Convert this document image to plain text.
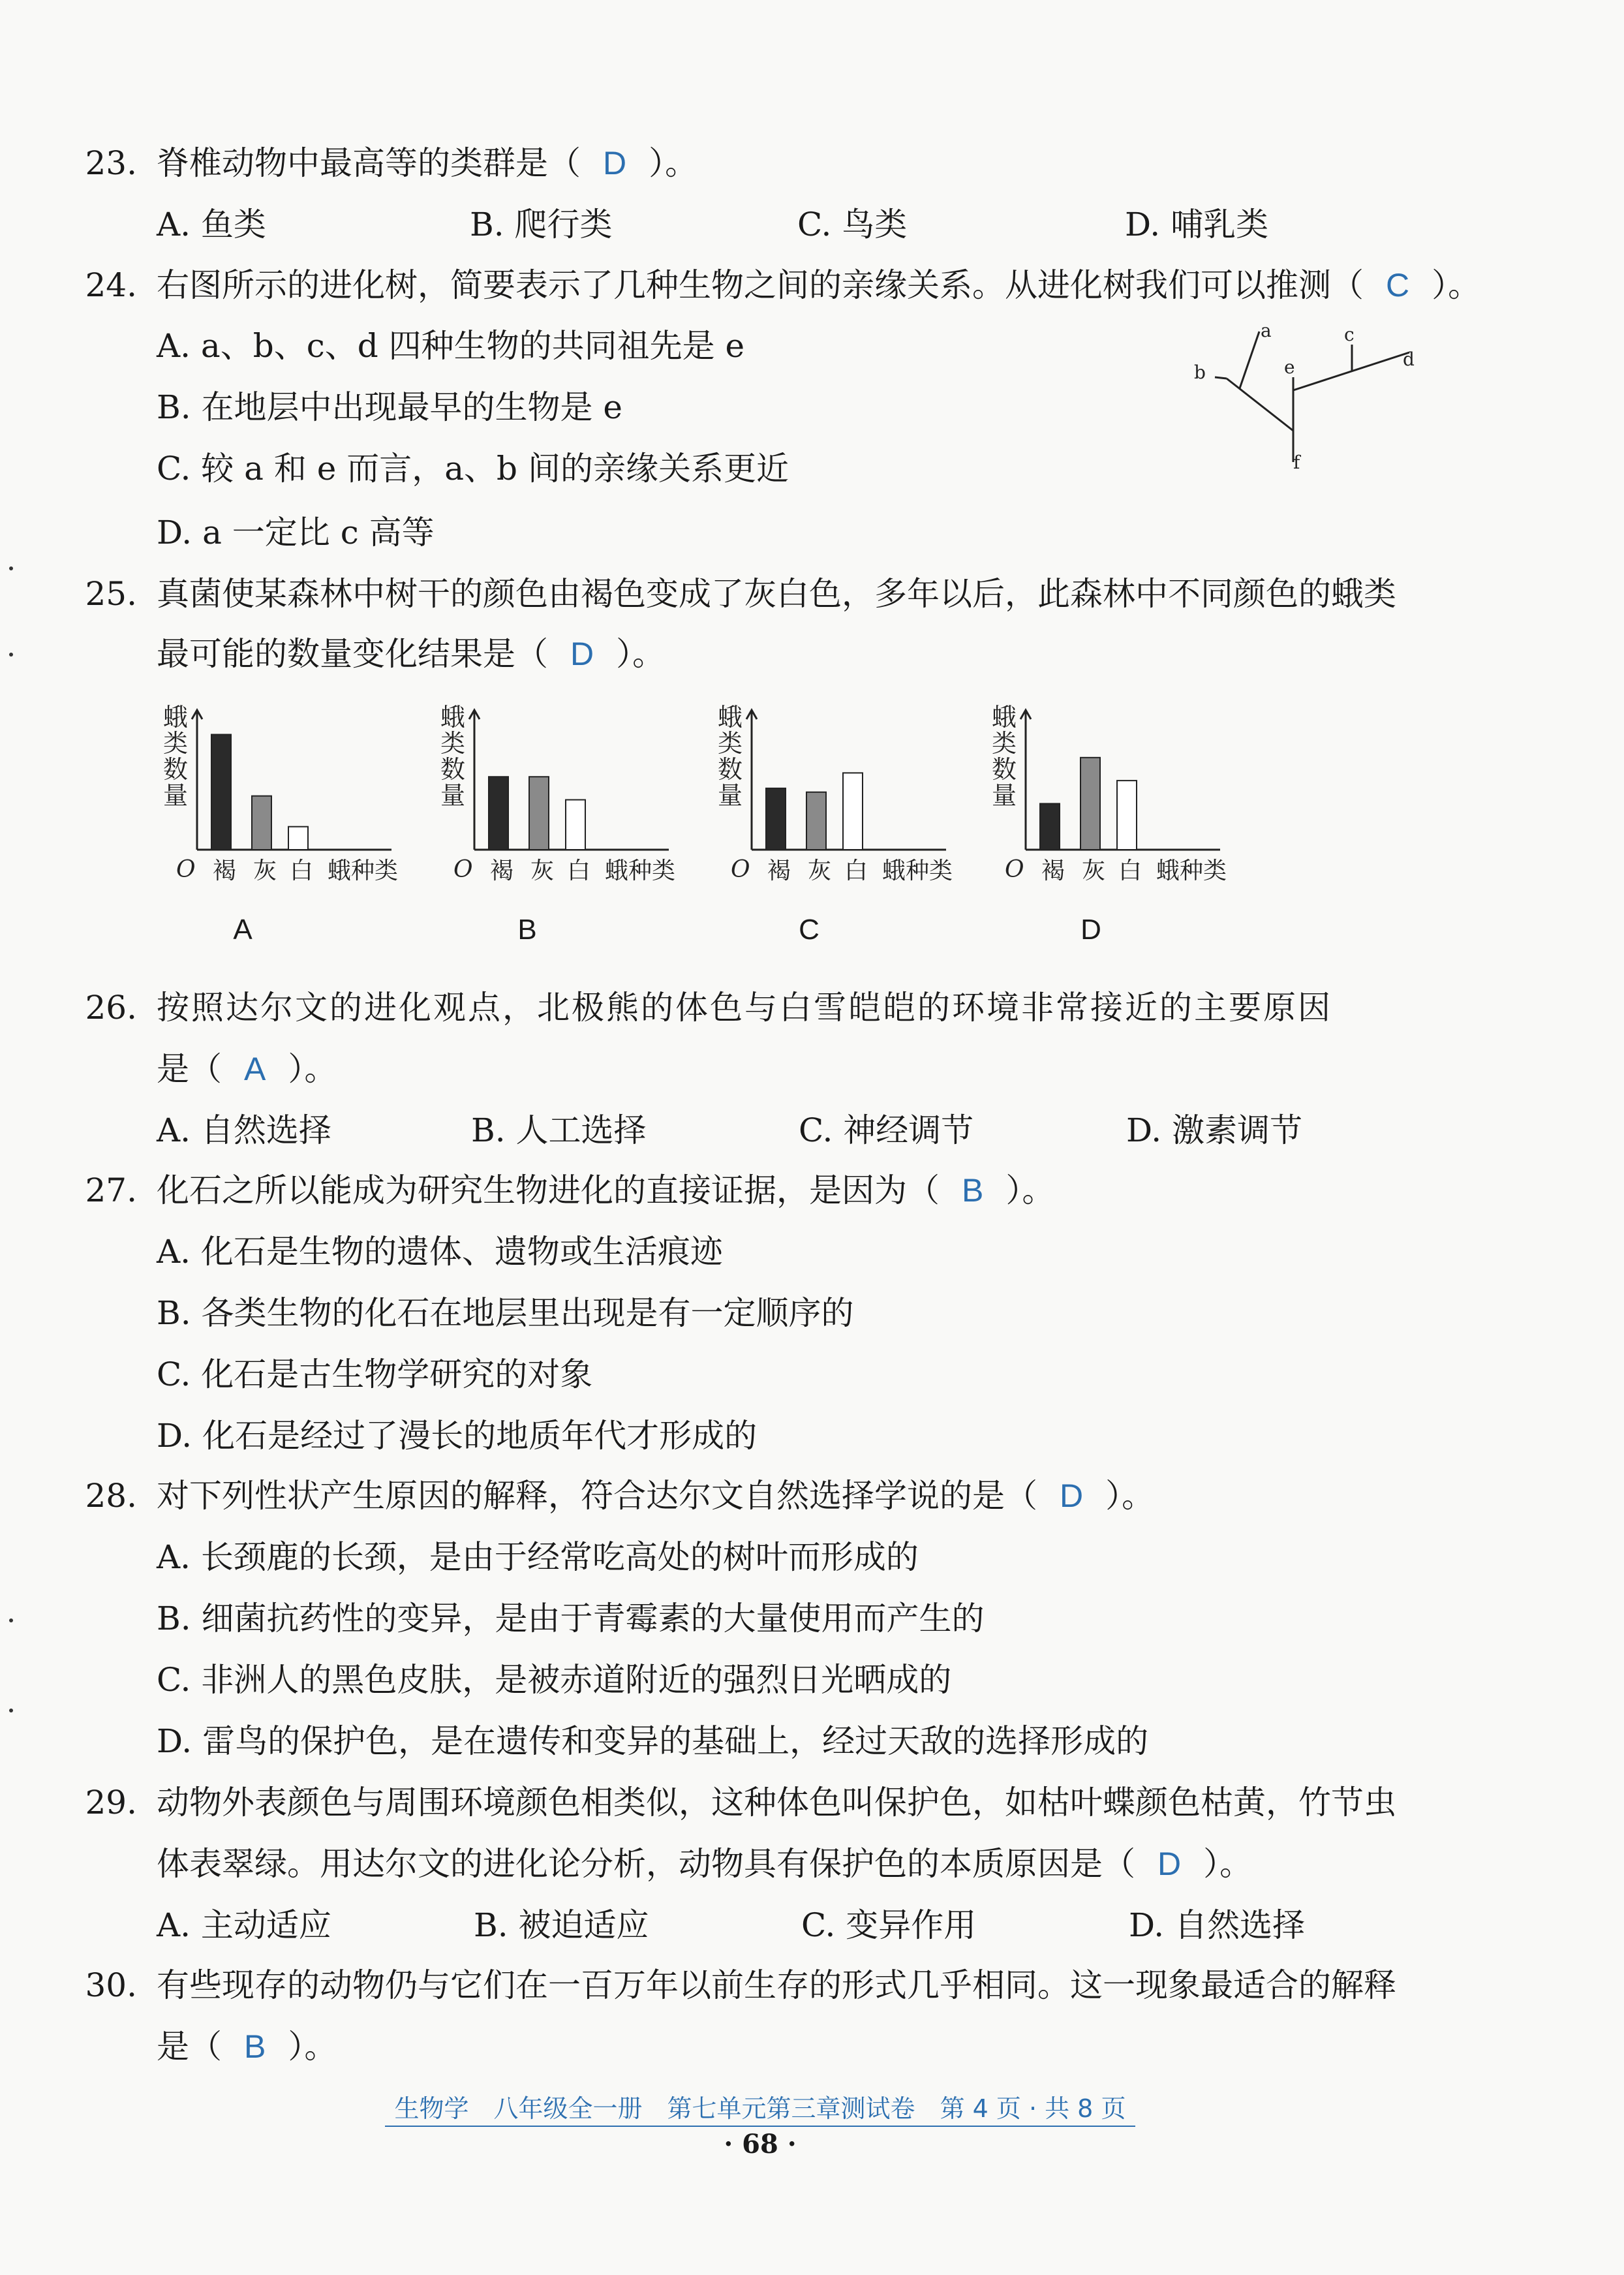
23. 脊椎动物中最高等的类群是（ D ）。
A. 鱼类	B. 爬行类	C. 鸟类	D. 哺乳类
24. 右图所示的进化树，简要表示了几种生物之间的亲缘关系。从进化树我们可以推测（ C ）。
A. a、b、c、d 四种生物的共同祖先是 e
B. 在地层中出现最早的生物是 e
C. 较 a 和 e 而言，a、b 间的亲缘关系更近
D. a 一定比 c 高等
a
b
c
d
e
f
25. 真菌使某森林中树干的颜色由褐色变成了灰白色，多年以后，此森林中不同颜色的蛾类
最可能的数量变化结果是（ D ）。
蛾
类
数
量
O 褐 灰 白 蛾种类
A
蛾
类
数
量
O 褐 灰 白 蛾种类
B
蛾
类
数
量
O 褐 灰 白 蛾种类
C
蛾
类
数
量
O 褐 灰 白 蛾种类
D
26. 按照达尔文的进化观点，北极熊的体色与白雪皑皑的环境非常接近的主要原因
是（ A ）。
A. 自然选择	B. 人工选择	C. 神经调节	D. 激素调节
27. 化石之所以能成为研究生物进化的直接证据，是因为（ B ）。
A. 化石是生物的遗体、遗物或生活痕迹
B. 各类生物的化石在地层里出现是有一定顺序的
C. 化石是古生物学研究的对象
D. 化石是经过了漫长的地质年代才形成的
28. 对下列性状产生原因的解释，符合达尔文自然选择学说的是（ D ）。
A. 长颈鹿的长颈，是由于经常吃高处的树叶而形成的
B. 细菌抗药性的变异，是由于青霉素的大量使用而产生的
C. 非洲人的黑色皮肤，是被赤道附近的强烈日光晒成的
D. 雷鸟的保护色，是在遗传和变异的基础上，经过天敌的选择形成的
29. 动物外表颜色与周围环境颜色相类似，这种体色叫保护色，如枯叶蝶颜色枯黄，竹节虫
体表翠绿。用达尔文的进化论分析，动物具有保护色的本质原因是（ D ）。
A. 主动适应	B. 被迫适应	C. 变异作用	D. 自然选择
30. 有些现存的动物仍与它们在一百万年以前生存的形式几乎相同。这一现象最适合的解释
是（ B ）。
生物学　八年级全一册　第七单元第三章测试卷　第 4 页 · 共 8 页
· 68 ·
